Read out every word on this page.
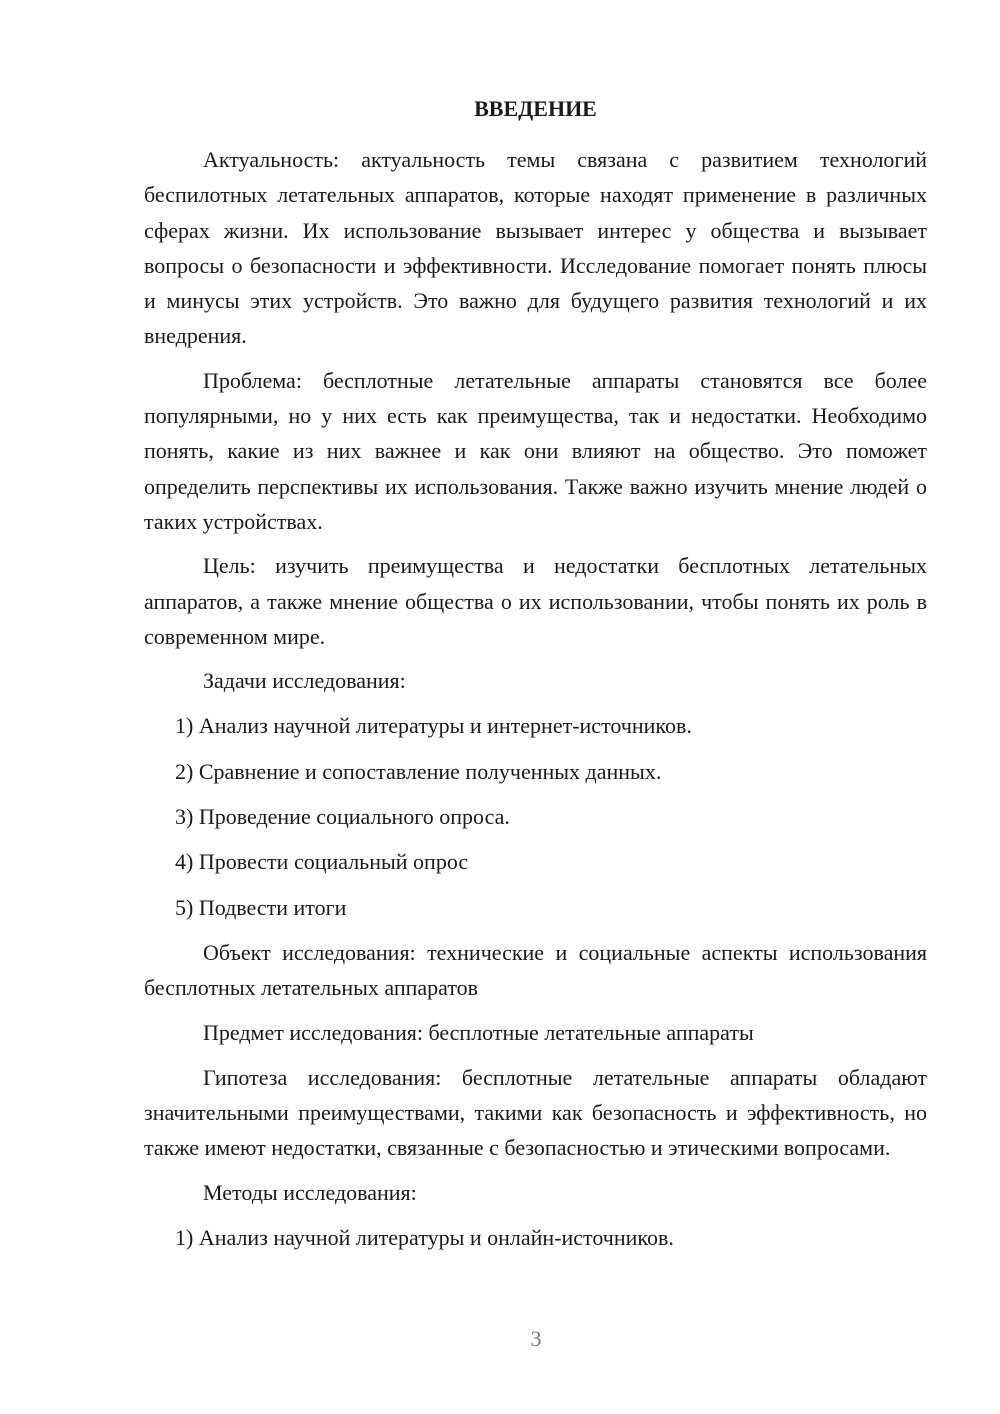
ВВЕДЕНИЕ

Актуальность: актуальность темы связана с развитием технологий беспилотных летательных аппаратов, которые находят применение в различных сферах жизни. Их использование вызывает интерес у общества и вызывает вопросы о безопасности и эффективности. Исследование помогает понять плюсы и минусы этих устройств. Это важно для будущего развития технологий и их внедрения.

Проблема: бесплотные летательные аппараты становятся все более популярными, но у них есть как преимущества, так и недостатки. Необходимо понять, какие из них важнее и как они влияют на общество. Это поможет определить перспективы их использования. Также важно изучить мнение людей о таких устройствах.

Цель: изучить преимущества и недостатки бесплотных летательных аппаратов, а также мнение общества о их использовании, чтобы понять их роль в современном мире.

Задачи исследования:
1) Анализ научной литературы и интернет-источников.
2) Сравнение и сопоставление полученных данных.
3) Проведение социального опроса.
4) Провести социальный опрос
5) Подвести итоги

Объект исследования: технические и социальные аспекты использования бесплотных летательных аппаратов

Предмет исследования: бесплотные летательные аппараты

Гипотеза исследования: бесплотные летательные аппараты обладают значительными преимуществами, такими как безопасность и эффективность, но также имеют недостатки, связанные с безопасностью и этическими вопросами.

Методы исследования:
1) Анализ научной литературы и онлайн-источников.
3
